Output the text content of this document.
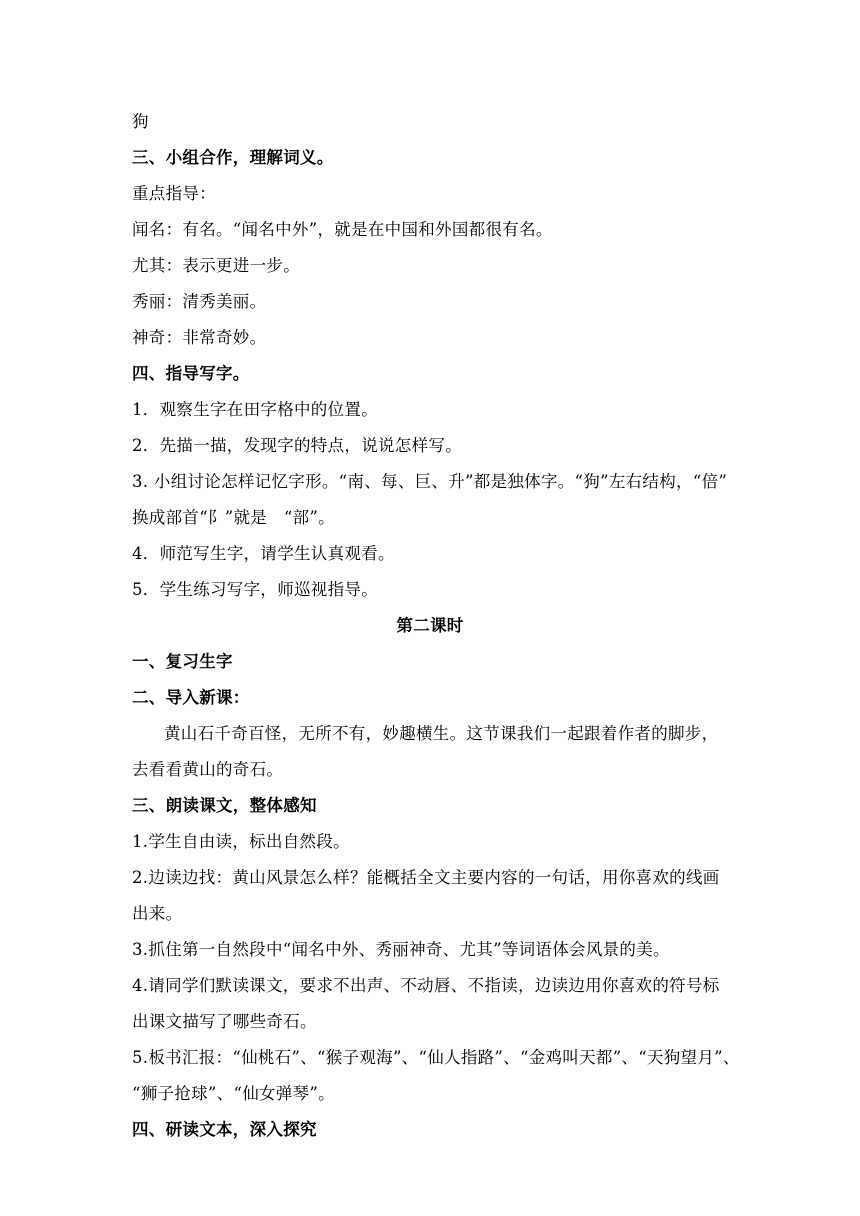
狗

三、小组合作，理解词义。

重点指导：

闻名：有名。“闻名中外”，就是在中国和外国都很有名。

尤其：表示更进一步。

秀丽：清秀美丽。

神奇：非常奇妙。

四、指导写字。

1．观察生字在田字格中的位置。

2．先描一描，发现字的特点，说说怎样写。

3. 小组讨论怎样记忆字形。“南、每、巨、升”都是独体字。“狗”左右结构，“倍”

换成部首“阝”就是　“部”。

4．师范写生字，请学生认真观看。

5．学生练习写字，师巡视指导。

第二课时

一、复习生字

二、导入新课：

黄山石千奇百怪，无所不有，妙趣横生。这节课我们一起跟着作者的脚步，

去看看黄山的奇石。

三、朗读课文，整体感知

1.学生自由读，标出自然段。

2.边读边找：黄山风景怎么样？能概括全文主要内容的一句话，用你喜欢的线画

出来。

3.抓住第一自然段中“闻名中外、秀丽神奇、尤其”等词语体会风景的美。

4.请同学们默读课文，要求不出声、不动唇、不指读，边读边用你喜欢的符号标

出课文描写了哪些奇石。

5.板书汇报：“仙桃石”、“猴子观海”、“仙人指路”、“金鸡叫天都”、“天狗望月”、

“狮子抢球”、“仙女弹琴”。

四、研读文本，深入探究
